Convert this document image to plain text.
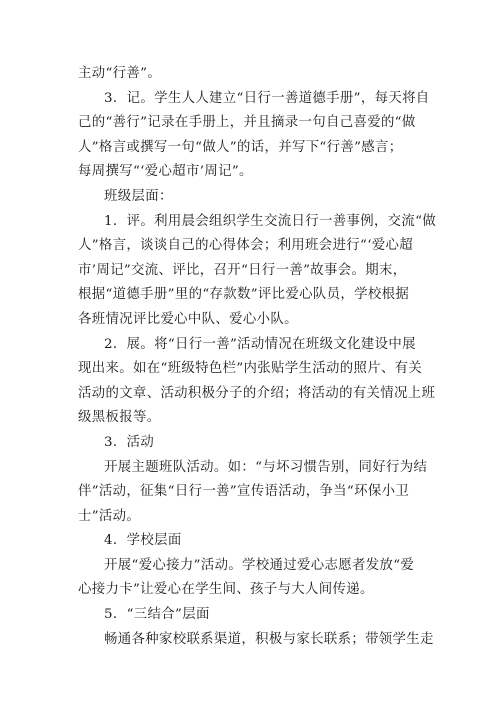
主动“行善”。
3．记。学生人人建立“日行一善道德手册”，每天将自
己的“善行”记录在手册上，并且摘录一句自己喜爱的“做
人”格言或撰写一句“做人”的话，并写下“行善”感言；
每周撰写“‘爱心超市’周记”。
班级层面：
1．评。利用晨会组织学生交流日行一善事例，交流“做
人”格言，谈谈自己的心得体会；利用班会进行“‘爱心超
市’周记”交流、评比，召开“日行一善”故事会。期末，
根据“道德手册”里的“存款数”评比爱心队员，学校根据
各班情况评比爱心中队、爱心小队。
2．展。将“日行一善”活动情况在班级文化建设中展
现出来。如在“班级特色栏”内张贴学生活动的照片、有关
活动的文章、活动积极分子的介绍；将活动的有关情况上班
级黑板报等。
3．活动
开展主题班队活动。如：“与坏习惯告别，同好行为结
伴”活动，征集“日行一善”宣传语活动，争当“环保小卫
士”活动。
4．学校层面
开展“爱心接力”活动。学校通过爱心志愿者发放“爱
心接力卡”让爱心在学生间、孩子与大人间传递。
5．“三结合”层面
畅通各种家校联系渠道，积极与家长联系；带领学生走
